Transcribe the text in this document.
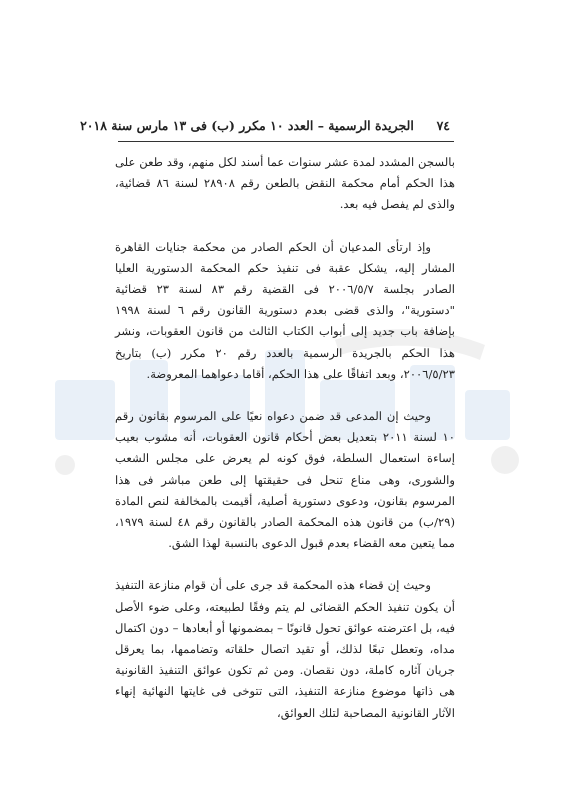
٧٤  الجريدة الرسمية – العدد ١٠ مكرر (ب) فى ١٣ مارس سنة ٢٠١٨

بالسجن المشدد لمدة عشر سنوات عما أسند لكل منهم، وقد طعن على هذا الحكم أمام محكمة النقض بالطعن رقم ٢٨٩٠٨ لسنة ٨٦ قضائية، والذى لم يفصل فيه بعد.

وإذ ارتأى المدعيان أن الحكم الصادر من محكمة جنايات القاهرة المشار إليه، يشكل عقبة فى تنفيذ حكم المحكمة الدستورية العليا الصادر بجلسة ٢٠٠٦/٥/٧ فى القضية رقم ٨٣ لسنة ٢٣ قضائية "دستورية"، والذى قضى بعدم دستورية القانون رقم ٦ لسنة ١٩٩٨ بإضافة باب جديد إلى أبواب الكتاب الثالث من قانون العقوبات، ونشر هذا الحكم بالجريدة الرسمية بالعدد رقم ٢٠ مكرر (ب) بتاريخ ٢٠٠٦/٥/٢٣، وبعد اتفاقًا على هذا الحكم، أقاما دعواهما المعروضة.

وحيث إن المدعى قد ضمن دعواه نعيًا على المرسوم بقانون رقم ١٠ لسنة ٢٠١١ بتعديل بعض أحكام قانون العقوبات، أنه مشوب بعيب إساءة استعمال السلطة، فوق كونه لم يعرض على مجلس الشعب والشورى، وهى مناع تنحل فى حقيقتها إلى طعن مباشر فى هذا المرسوم بقانون، ودعوى دستورية أصلية، أقيمت بالمخالفة لنص المادة (٢٩/ب) من قانون هذه المحكمة الصادر بالقانون رقم ٤٨ لسنة ١٩٧٩، مما يتعين معه القضاء بعدم قبول الدعوى بالنسبة لهذا الشق.

وحيث إن قضاء هذه المحكمة قد جرى على أن قوام منازعة التنفيذ أن يكون تنفيذ الحكم القضائى لم يتم وفقًا لطبيعته، وعلى ضوء الأصل فيه، بل اعترضته عوائق تحول قانونًا – بمضمونها أو أبعادها – دون اكتمال مداه، وتعطل تبعًا لذلك، أو تقيد اتصال حلقاته وتضاممها، بما يعرقل جريان آثاره كاملة، دون نقصان. ومن ثم تكون عوائق التنفيذ القانونية هى ذاتها موضوع منازعة التنفيذ، التى تتوخى فى غايتها النهائية إنهاء الآثار القانونية المصاحبة لتلك العوائق،
